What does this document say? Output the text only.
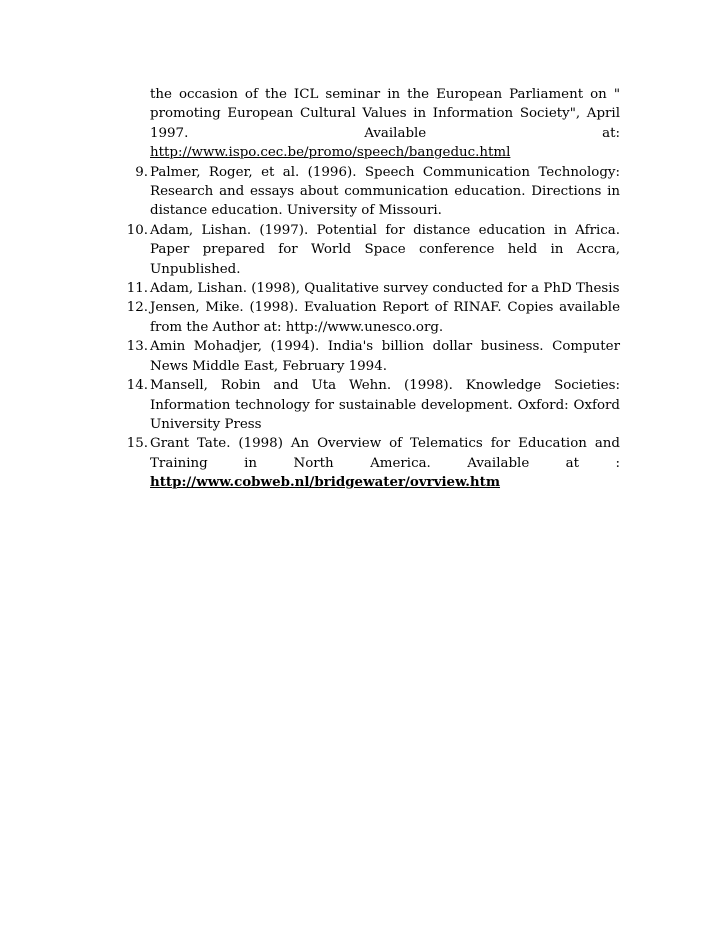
the occasion of the ICL seminar in the European Parliament on " promoting European Cultural Values in Information Society", April 1997. Available at: http://www.ispo.cec.be/promo/speech/bangeduc.html
9. Palmer, Roger, et al. (1996). Speech Communication Technology: Research and essays about communication education. Directions in distance education. University of Missouri.
10. Adam, Lishan. (1997). Potential for distance education in Africa. Paper prepared for World Space conference held in Accra, Unpublished.
11. Adam, Lishan. (1998), Qualitative survey conducted for a PhD Thesis
12. Jensen, Mike. (1998). Evaluation Report of RINAF. Copies available from the Author at: http://www.unesco.org.
13. Amin Mohadjer, (1994). India's billion dollar business. Computer News Middle East, February 1994.
14. Mansell, Robin and Uta Wehn. (1998). Knowledge Societies: Information technology for sustainable development. Oxford: Oxford University Press
15. Grant Tate. (1998) An Overview of Telematics for Education and Training in North America. Available at :
http://www.cobweb.nl/bridgewater/ovrview.htm
